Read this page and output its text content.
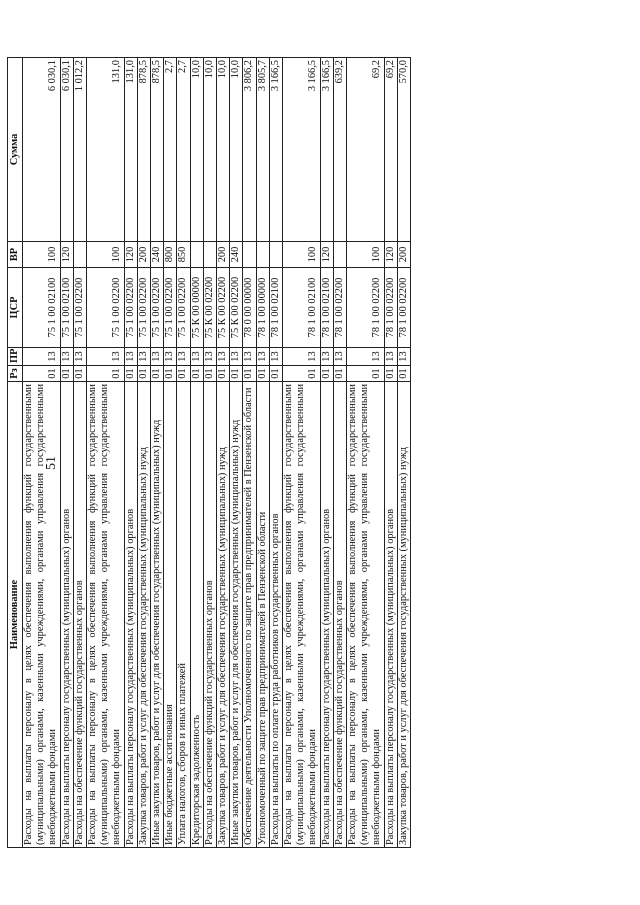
51
Наименование	Рз	ПР	ЦСР	ВР	Сумма
Расходы на выплаты персоналу в целях обеспечения выполнения функций государственными (муниципальными) органами, казенными учреждениями, органами управления государственными внебюджетными фондами	01	13	75 1 00 02100	100	6 030,1
Расходы на выплаты персоналу государственных (муниципальных) органов	01	13	75 1 00 02100	120	6 030,1
Расходы на обеспечение функций государственных органов	01	13	75 1 00 02200		1 012,2
Расходы на выплаты персоналу в целях обеспечения выполнения функций государственными (муниципальными) органами, казенными учреждениями, органами управления государственными внебюджетными фондами	01	13	75 1 00 02200	100	131,0
Расходы на выплаты персоналу государственных (муниципальных) органов	01	13	75 1 00 02200	120	131,0
Закупка товаров, работ и услуг для обеспечения государственных (муниципальных) нужд	01	13	75 1 00 02200	200	878,5
Иные закупки товаров, работ и услуг для обеспечения государственных (муниципальных) нужд	01	13	75 1 00 02200	240	878,5
Иные бюджетные ассигнования	01	13	75 1 00 02200	800	2,7
Уплата налогов, сборов и иных платежей	01	13	75 1 00 02200	850	2,7
Кредиторская задолженность	01	13	75 К 00 00000		10,0
Расходы на обеспечение функций государственных органов	01	13	75 К 00 02200		10,0
Закупка товаров, работ и услуг для обеспечения государственных (муниципальных) нужд	01	13	75 К 00 02200	200	10,0
Иные закупки товаров, работ и услуг для обеспечения государственных (муниципальных) нужд	01	13	75 К 00 02200	240	10,0
Обеспечение деятельности Уполномоченного по защите прав предпринимателей в Пензенской области	01	13	78 0 00 00000		3 806,2
Уполномоченный по защите прав предпринимателей в Пензенской области	01	13	78 1 00 00000		3 805,7
Расходы на выплаты по оплате труда работников государственных органов	01	13	78 1 00 02100		3 166,5
Расходы на выплаты персоналу в целях обеспечения выполнения функций государственными (муниципальными) органами, казенными учреждениями, органами управления государственными внебюджетными фондами	01	13	78 1 00 02100	100	3 166,5
Расходы на выплаты персоналу государственных (муниципальных) органов	01	13	78 1 00 02100	120	3 166,5
Расходы на обеспечение функций государственных органов	01	13	78 1 00 02200		639,2
Расходы на выплаты персоналу в целях обеспечения выполнения функций государственными (муниципальными) органами, казенными учреждениями, органами управления государственными внебюджетными фондами	01	13	78 1 00 02200	100	69,2
Расходы на выплаты персоналу государственных (муниципальных) органов	01	13	78 1 00 02200	120	69,2
Закупка товаров, работ и услуг для обеспечения государственных (муниципальных) нужд	01	13	78 1 00 02200	200	570,0
